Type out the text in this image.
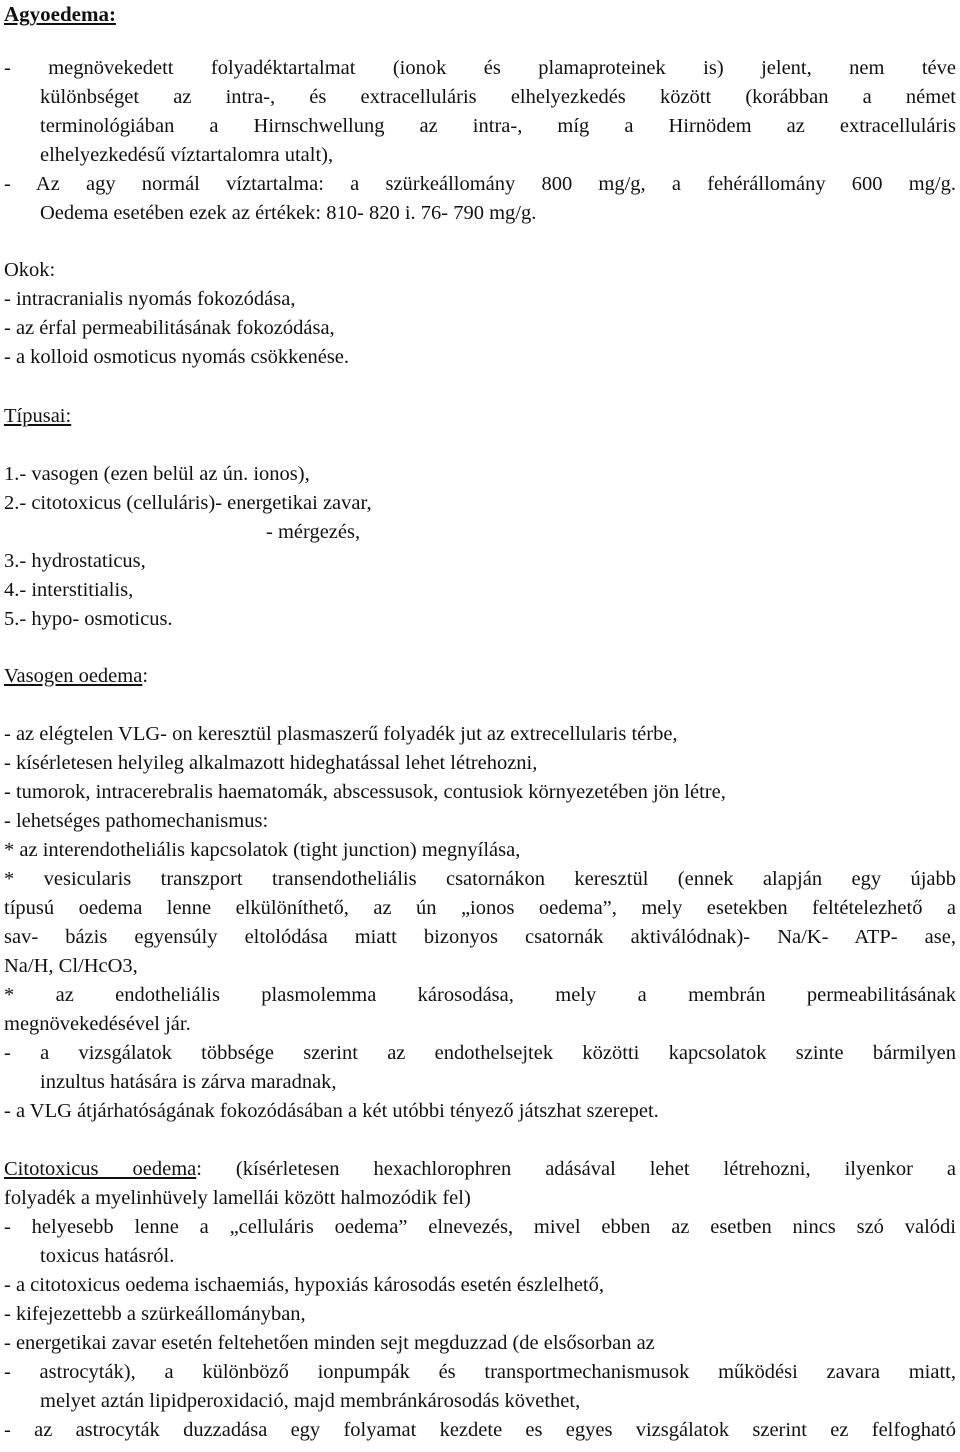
Agyoedema:
- megnövekedett folyadéktartalmat (ionok és plamaproteinek is) jelent, nem téve
különbséget az intra-, és extracelluláris elhelyezkedés között (korábban a német
terminológiában a Hirnschwellung az intra-, míg a Hirnödem az extracelluláris
elhelyezkedésű víztartalomra utalt),
- Az agy normál víztartalma: a szürkeállomány 800 mg/g, a fehérállomány 600 mg/g.
Oedema esetében ezek az értékek: 810- 820 i. 76- 790 mg/g.
Okok:
- intracranialis nyomás fokozódása,
- az érfal permeabilitásának fokozódása,
- a kolloid osmoticus nyomás csökkenése.
Típusai:
1.- vasogen (ezen belül az ún. ionos),
2.- citotoxicus (celluláris)- energetikai zavar,
- mérgezés,
3.- hydrostaticus,
4.- interstitialis,
5.- hypo- osmoticus.
Vasogen oedema:
- az elégtelen VLG- on keresztül plasmaszerű folyadék jut az extrecellularis térbe,
- kísérletesen helyileg alkalmazott hideghatással lehet létrehozni,
- tumorok, intracerebralis haematomák, abscessusok, contusiok környezetében jön létre,
- lehetséges pathomechanismus:
* az interendotheliális kapcsolatok (tight junction) megnyílása,
* vesicularis transzport transendotheliális csatornákon keresztül (ennek alapján egy újabb
típusú oedema lenne elkülöníthető, az ún „ionos oedema”, mely esetekben feltételezhető a
sav- bázis egyensúly eltolódása miatt bizonyos csatornák aktiválódnak)- Na/K- ATP- ase,
Na/H, Cl/HcO3,
* az endotheliális plasmolemma károsodása, mely a membrán permeabilitásának
megnövekedésével jár.
- a vizsgálatok többsége szerint az endothelsejtek közötti kapcsolatok szinte bármilyen
inzultus hatására is zárva maradnak,
- a VLG átjárhatóságának fokozódásában a két utóbbi tényező játszhat szerepet.
Citotoxicus oedema: (kísérletesen hexachlorophren adásával lehet létrehozni, ilyenkor a
folyadék a myelinhüvely lamellái között halmozódik fel)
- helyesebb lenne a „celluláris oedema” elnevezés, mivel ebben az esetben nincs szó valódi
toxicus hatásról.
- a citotoxicus oedema ischaemiás, hypoxiás károsodás esetén észlelhető,
- kifejezettebb a szürkeállományban,
- energetikai zavar esetén feltehetően minden sejt megduzzad (de elsősorban az
- astrocyták), a különböző ionpumpák és transportmechanismusok működési zavara miatt,
melyet aztán lipidperoxidació, majd membránkárosodás követhet,
- az astrocyták duzzadása egy folyamat kezdete es egyes vizsgálatok szerint ez felfogható
